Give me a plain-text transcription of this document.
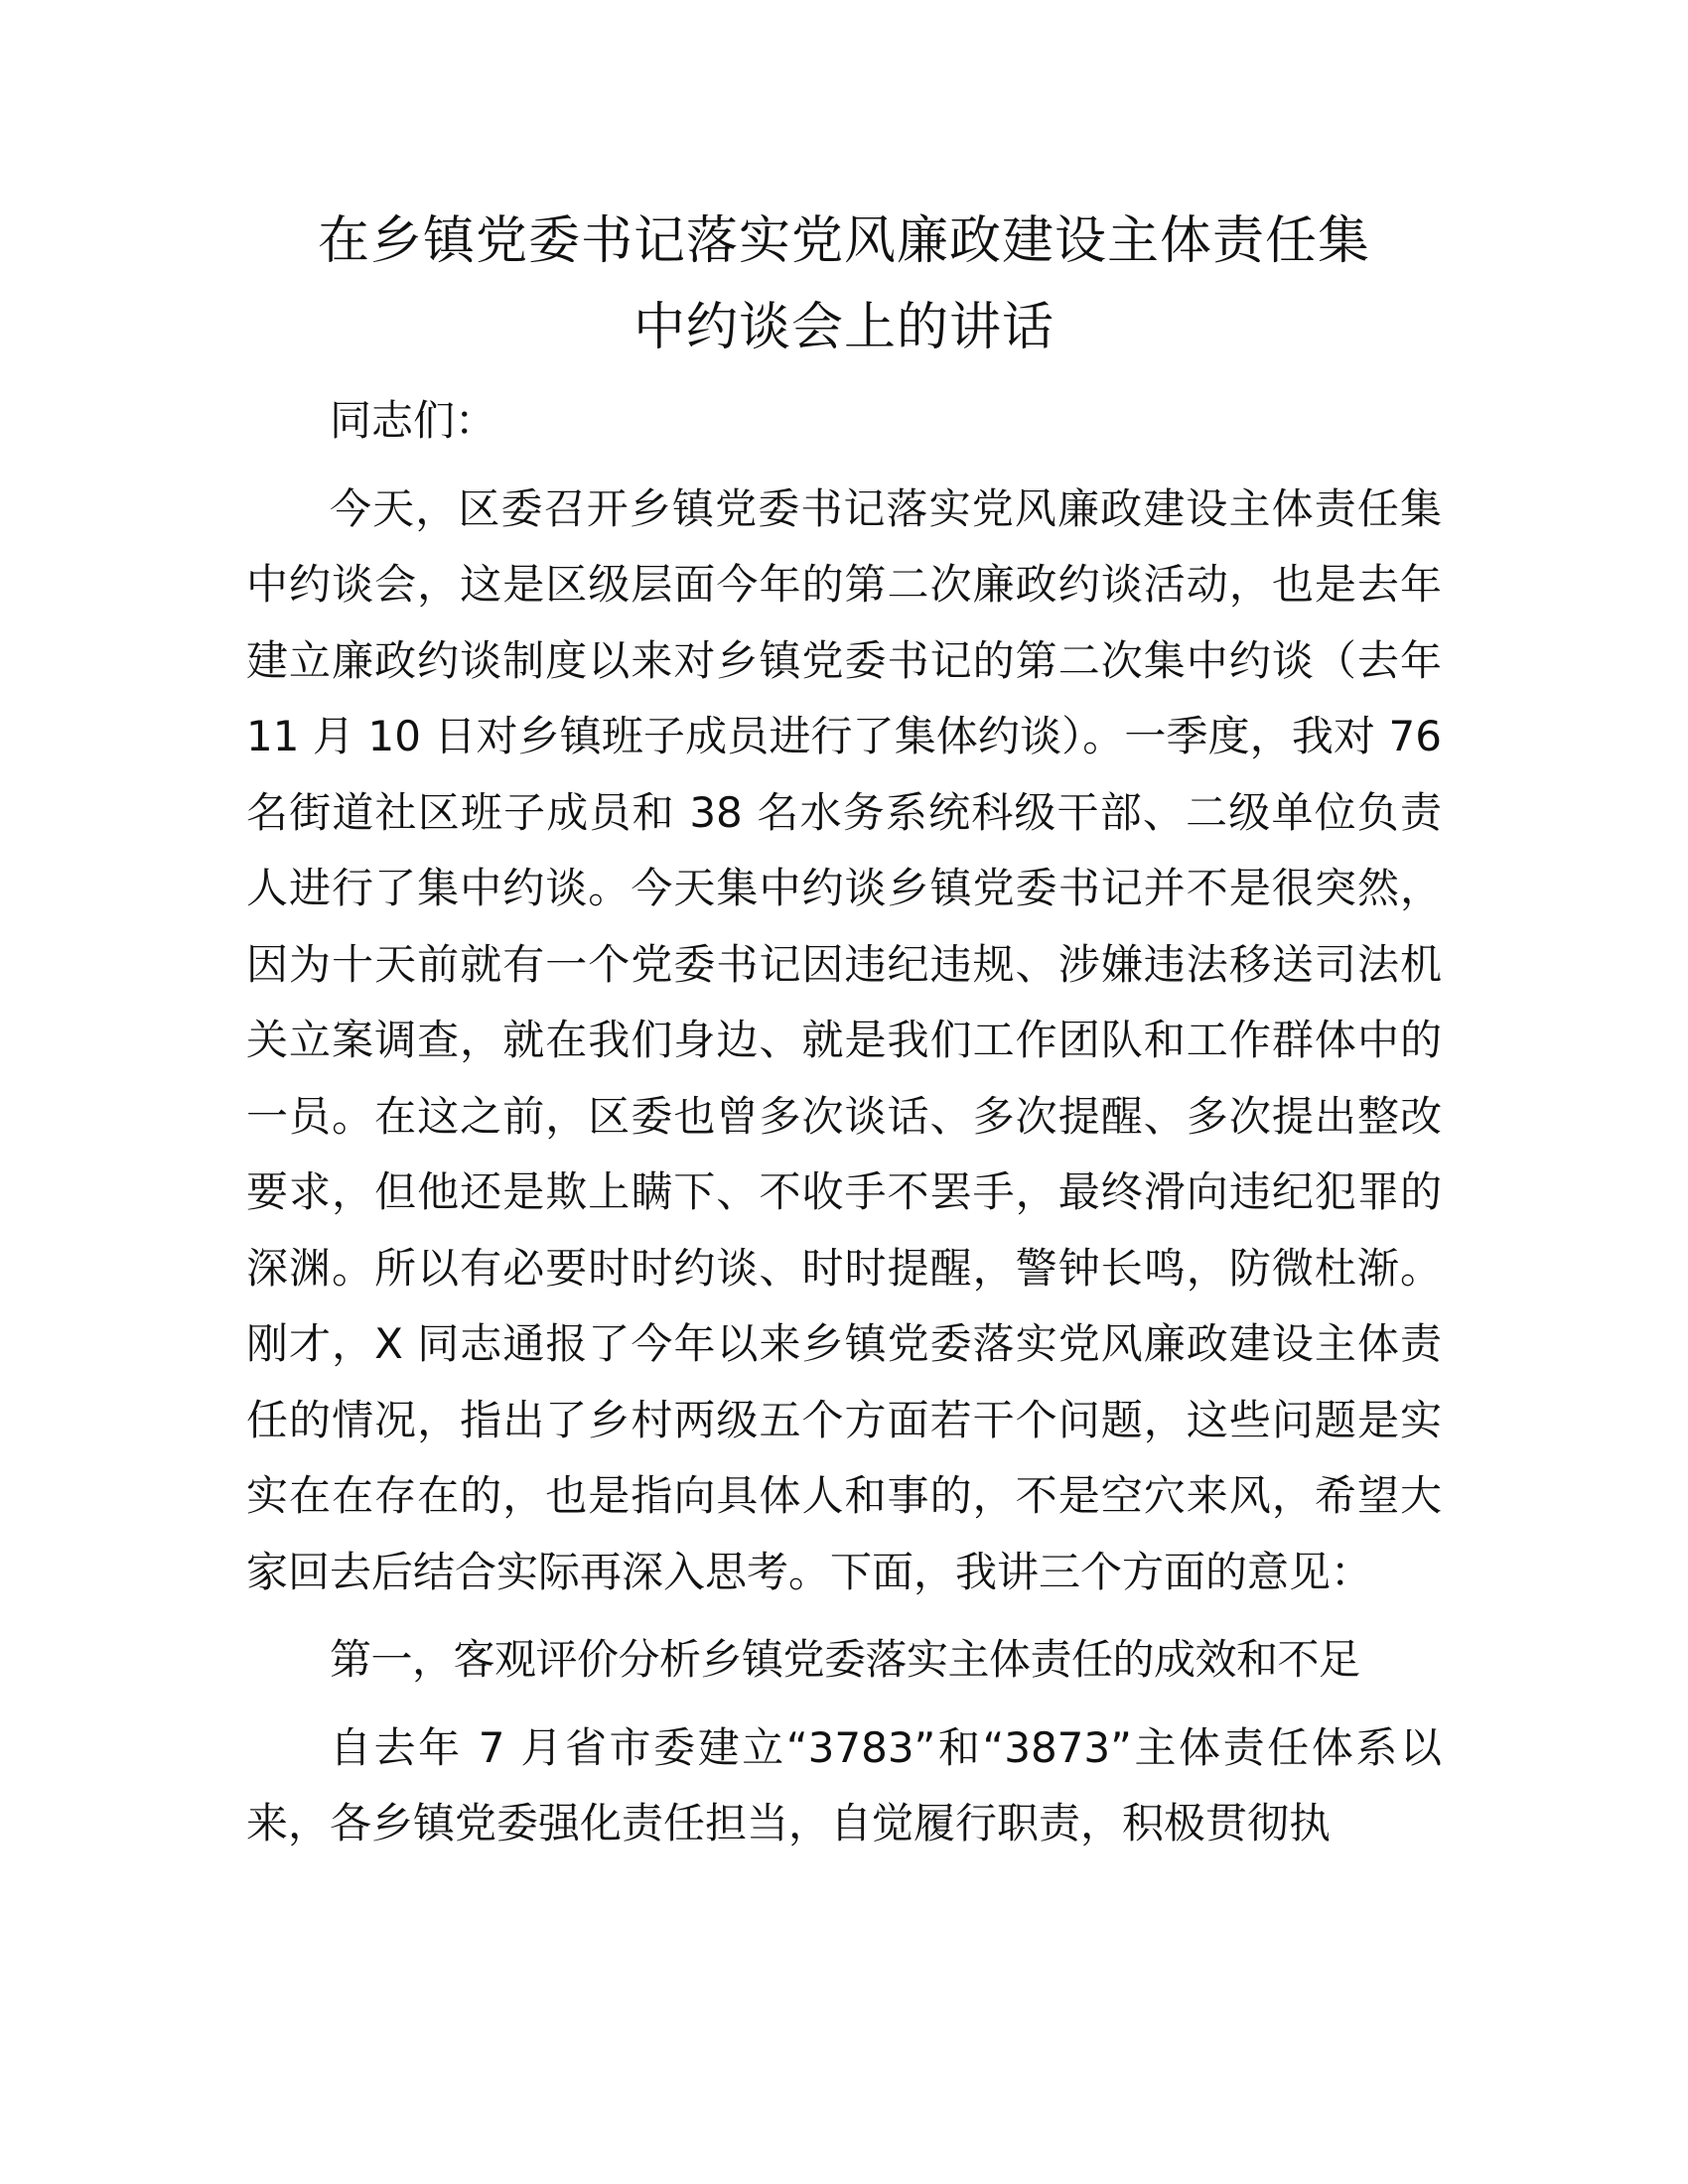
在乡镇党委书记落实党风廉政建设主体责任集
中约谈会上的讲话

同志们：

今天，区委召开乡镇党委书记落实党风廉政建设主体责任集中约谈会，这是区级层面今年的第二次廉政约谈活动，也是去年建立廉政约谈制度以来对乡镇党委书记的第二次集中约谈（去年 11 月 10 日对乡镇班子成员进行了集体约谈）。一季度，我对 76 名街道社区班子成员和 38 名水务系统科级干部、二级单位负责人进行了集中约谈。今天集中约谈乡镇党委书记并不是很突然，因为十天前就有一个党委书记因违纪违规、涉嫌违法移送司法机关立案调查，就在我们身边、就是我们工作团队和工作群体中的一员。在这之前，区委也曾多次谈话、多次提醒、多次提出整改要求，但他还是欺上瞒下、不收手不罢手，最终滑向违纪犯罪的深渊。所以有必要时时约谈、时时提醒，警钟长鸣，防微杜渐。刚才，X 同志通报了今年以来乡镇党委落实党风廉政建设主体责任的情况，指出了乡村两级五个方面若干个问题，这些问题是实实在在存在的，也是指向具体人和事的，不是空穴来风，希望大家回去后结合实际再深入思考。下面，我讲三个方面的意见：

第一，客观评价分析乡镇党委落实主体责任的成效和不足

自去年 7 月省市委建立“3783”和“3873”主体责任体系以来，各乡镇党委强化责任担当，自觉履行职责，积极贯彻执
